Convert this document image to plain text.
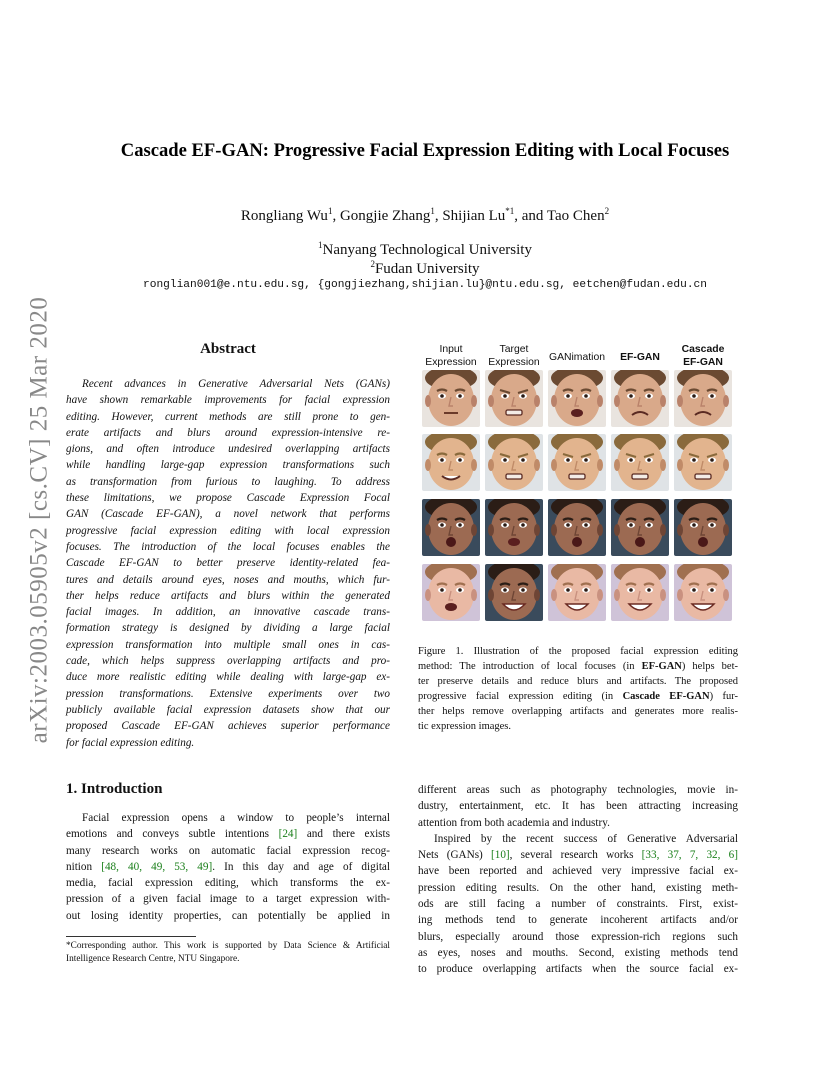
arXiv:2003.05905v2 [cs.CV] 25 Mar 2020
Cascade EF-GAN: Progressive Facial Expression Editing with Local Focuses
Rongliang Wu$^1$, Gongjie Zhang$^1$, Shijian Lu$^{*1}$, and Tao Chen$^2$
$^1$Nanyang Technological University
$^2$Fudan University
ronglian001@e.ntu.edu.sg, {gongjiezhang,shijian.lu}@ntu.edu.sg, eetchen@fudan.edu.cn
Abstract
Recent advances in Generative Adversarial Nets (GANs)
have shown remarkable improvements for facial expression
editing. However, current methods are still prone to gen-
erate artifacts and blurs around expression-intensive re-
gions, and often introduce undesired overlapping artifacts
while handling large-gap expression transformations such
as transformation from furious to laughing. To address
these limitations, we propose Cascade Expression Focal
GAN (Cascade EF-GAN), a novel network that performs
progressive facial expression editing with local expression
focuses. The introduction of the local focuses enables the
Cascade EF-GAN to better preserve identity-related fea-
tures and details around eyes, noses and mouths, which fur-
ther helps reduce artifacts and blurs within the generated
facial images. In addition, an innovative cascade trans-
formation strategy is designed by dividing a large facial
expression transformation into multiple small ones in cas-
cade, which helps suppress overlapping artifacts and pro-
duce more realistic editing while dealing with large-gap ex-
pression transformations. Extensive experiments over two
publicly available facial expression datasets show that our
proposed Cascade EF-GAN achieves superior performance
for facial expression editing.
1. Introduction
Facial expression opens a window to people’s internal
emotions and conveys subtle intentions [24] and there exists
many research works on automatic facial expression recog-
nition [48, 40, 49, 53, 49]. In this day and age of digital
media, facial expression editing, which transforms the ex-
pression of a given facial image to a target expression with-
out losing identity properties, can potentially be applied in
*Corresponding author. This work is supported by Data Science & Artificial Intelligence Research Centre, NTU Singapore.
Input Expression
Target Expression GANimation	EF-GAN
Cascade EF-GAN
Figure 1. Illustration of the proposed facial expression editing
method: The introduction of local focuses (in EF-GAN) helps bet-
ter preserve details and reduce blurs and artifacts. The proposed
progressive facial expression editing (in Cascade EF-GAN) fur-
ther helps remove overlapping artifacts and generates more realis-
tic expression images.
different areas such as photography technologies, movie in-
dustry, entertainment, etc. It has been attracting increasing
attention from both academia and industry.
Inspired by the recent success of Generative Adversarial
Nets (GANs) [10], several research works [33, 37, 7, 32, 6]
have been reported and achieved very impressive facial ex-
pression editing results. On the other hand, existing meth-
ods are still facing a number of constraints. First, exist-
ing methods tend to generate incoherent artifacts and/or
blurs, especially around those expression-rich regions such
as eyes, noses and mouths. Second, existing methods tend
to produce overlapping artifacts when the source facial ex-
